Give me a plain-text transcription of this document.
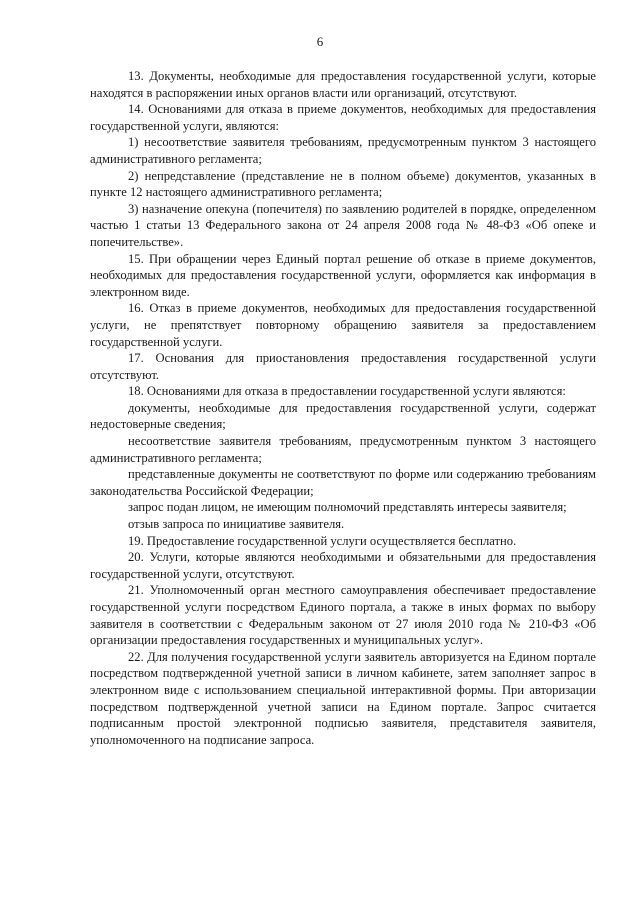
6

13. Документы, необходимые для предоставления государственной услуги, которые находятся в распоряжении иных органов власти или организаций, отсутствуют.

14. Основаниями для отказа в приеме документов, необходимых для предоставления государственной услуги, являются:

1) несоответствие заявителя требованиям, предусмотренным пунктом 3 настоящего административного регламента;

2) непредставление (представление не в полном объеме) документов, указанных в пункте 12 настоящего административного регламента;

3) назначение опекуна (попечителя) по заявлению родителей в порядке, определенном частью 1 статьи 13 Федерального закона от 24 апреля 2008 года № 48-ФЗ «Об опеке и попечительстве».

15. При обращении через Единый портал решение об отказе в приеме документов, необходимых для предоставления государственной услуги, оформляется как информация в электронном виде.

16. Отказ в приеме документов, необходимых для предоставления государственной услуги, не препятствует повторному обращению заявителя за предоставлением государственной услуги.

17. Основания для приостановления предоставления государственной услуги отсутствуют.

18. Основаниями для отказа в предоставлении государственной услуги являются:

документы, необходимые для предоставления государственной услуги, содержат недостоверные сведения;

несоответствие заявителя требованиям, предусмотренным пунктом 3 настоящего административного регламента;

представленные документы не соответствуют по форме или содержанию требованиям законодательства Российской Федерации;

запрос подан лицом, не имеющим полномочий представлять интересы заявителя;

отзыв запроса по инициативе заявителя.

19. Предоставление государственной услуги осуществляется бесплатно.

20. Услуги, которые являются необходимыми и обязательными для предоставления государственной услуги, отсутствуют.

21. Уполномоченный орган местного самоуправления обеспечивает предоставление государственной услуги посредством Единого портала, а также в иных формах по выбору заявителя в соответствии с Федеральным законом от 27 июля 2010 года № 210-ФЗ «Об организации предоставления государственных и муниципальных услуг».

22. Для получения государственной услуги заявитель авторизуется на Едином портале посредством подтвержденной учетной записи в личном кабинете, затем заполняет запрос в электронном виде с использованием специальной интерактивной формы. При авторизации посредством подтвержденной учетной записи на Едином портале. Запрос считается подписанным простой электронной подписью заявителя, представителя заявителя, уполномоченного на подписание запроса.
